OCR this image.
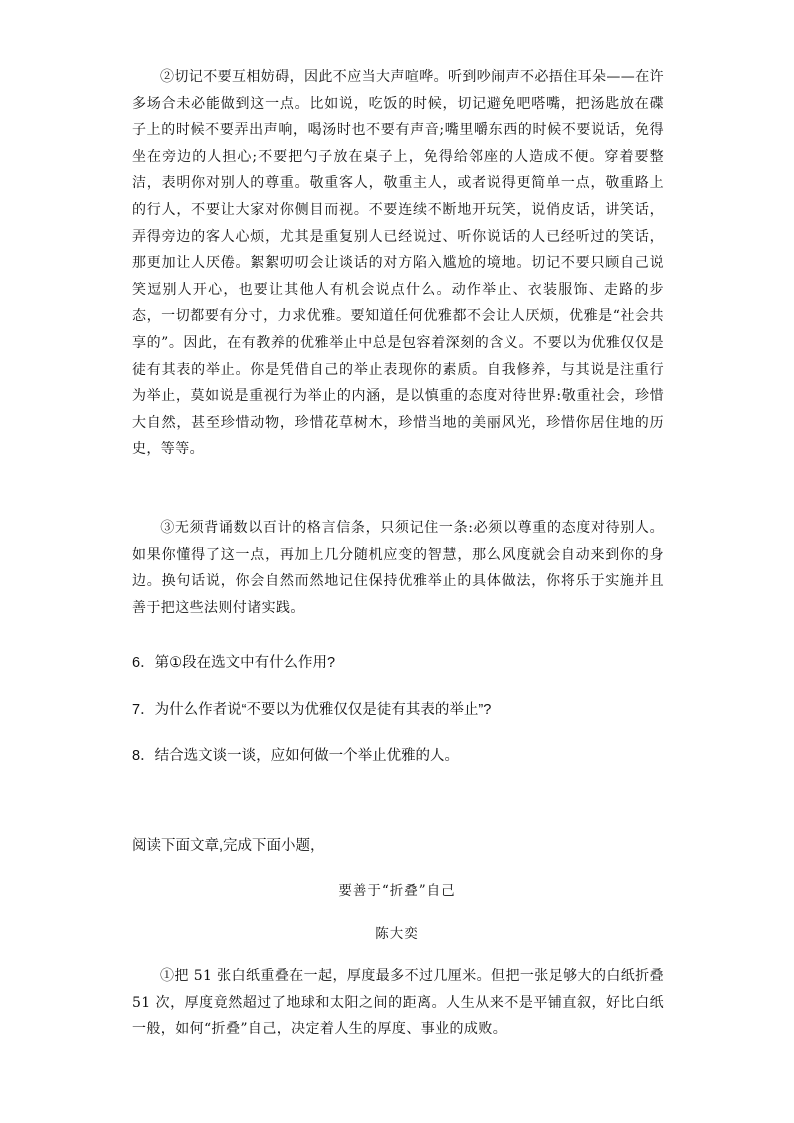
②切记不要互相妨碍，因此不应当大声喧哗。听到吵闹声不必捂住耳朵——在许多场合未必能做到这一点。比如说，吃饭的时候，切记避免吧嗒嘴，把汤匙放在碟子上的时候不要弄出声响，喝汤时也不要有声音;嘴里嚼东西的时候不要说话，免得坐在旁边的人担心;不要把勺子放在桌子上，免得给邻座的人造成不便。穿着要整洁，表明你对别人的尊重。敬重客人，敬重主人，或者说得更简单一点，敬重路上的行人，不要让大家对你侧目而视。不要连续不断地开玩笑，说俏皮话，讲笑话，弄得旁边的客人心烦，尤其是重复别人已经说过、听你说话的人已经听过的笑话，那更加让人厌倦。絮絮叨叨会让谈话的对方陷入尴尬的境地。切记不要只顾自己说笑逗别人开心，也要让其他人有机会说点什么。动作举止、衣装服饰、走路的步态，一切都要有分寸，力求优雅。要知道任何优雅都不会让人厌烦，优雅是“社会共享的”。因此，在有教养的优雅举止中总是包容着深刻的含义。不要以为优雅仅仅是徒有其表的举止。你是凭借自己的举止表现你的素质。自我修养，与其说是注重行为举止，莫如说是重视行为举止的内涵，是以慎重的态度对待世界:敬重社会，珍惜大自然，甚至珍惜动物，珍惜花草树木，珍惜当地的美丽风光，珍惜你居住地的历史，等等。
③无须背诵数以百计的格言信条，只须记住一条:必须以尊重的态度对待别人。如果你懂得了这一点，再加上几分随机应变的智慧，那么风度就会自动来到你的身边。换句话说，你会自然而然地记住保持优雅举止的具体做法，你将乐于实施并且善于把这些法则付诸实践。
6．第①段在选文中有什么作用?
7．为什么作者说“不要以为优雅仅仅是徒有其表的举止”?
8．结合选文谈一谈，应如何做一个举止优雅的人。
阅读下面文章,完成下面小题，
要善于“折叠”自己
陈大奕
①把 51 张白纸重叠在一起，厚度最多不过几厘米。但把一张足够大的白纸折叠 51 次，厚度竟然超过了地球和太阳之间的距离。人生从来不是平铺直叙，好比白纸一般，如何“折叠”自己，决定着人生的厚度、事业的成败。
